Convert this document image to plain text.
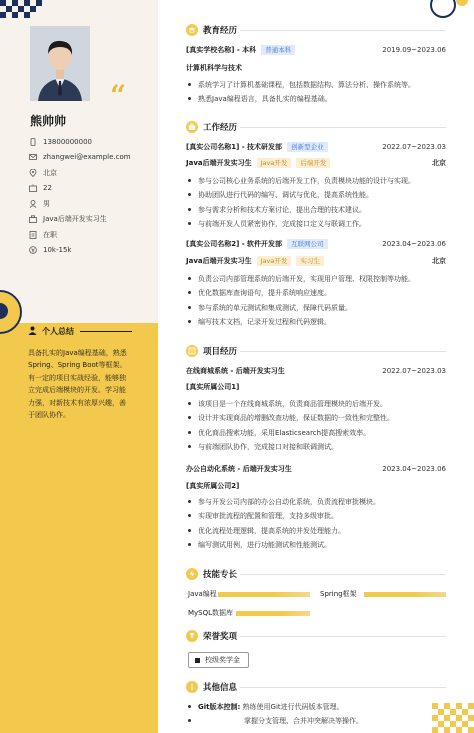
“
熊帅帅
13800000000
zhangwei@example.com
北京
22
男
Java后端开发实习生
在职
10k-15k
个人总结
具备扎实的Java编程基础，熟悉Spring、Spring Boot等框架。有一定的项目实战经验，能够独立完成后端模块的开发。学习能力强，对新技术有浓厚兴趣，善于团队协作。
教育经历
[真实学校名称] - 本科	普通本科	2019.09~2023.06
计算机科学与技术
系统学习了计算机基础课程，包括数据结构、算法分析、操作系统等。
熟悉Java编程语言，具备扎实的编程基础。
工作经历
[真实公司名称1] - 技术研发部	创新型企业	2022.07~2023.03
Java后端开发实习生	Java开发	后端开发	北京
参与公司核心业务系统的后端开发工作，负责模块功能的设计与实现。
协助团队进行代码的编写、调试与优化，提高系统性能。
参与需求分析和技术方案讨论，提出合理的技术建议。
与前端开发人员紧密协作，完成接口定义与联调工作。
[真实公司名称2] - 软件开发部	互联网公司	2023.04~2023.06
Java后端开发实习生	Java开发	实习生	北京
负责公司内部管理系统的后端开发，实现用户管理、权限控制等功能。
优化数据库查询语句，提升系统响应速度。
参与系统的单元测试和集成测试，保障代码质量。
编写技术文档，记录开发过程和代码逻辑。
项目经历
在线商城系统 - 后端开发实习生	2022.07~2023.03
[真实所属公司1]
该项目是一个在线商城系统，负责商品管理模块的后端开发。
设计并实现商品的增删改查功能，保证数据的一致性和完整性。
优化商品搜索功能，采用Elasticsearch提高搜索效率。
与前端团队协作，完成接口对接和联调测试。
办公自动化系统 - 后端开发实习生	2023.04~2023.06
[真实所属公司2]
参与开发公司内部的办公自动化系统，负责流程审批模块。
实现审批流程的配置和管理，支持多级审批。
优化流程处理逻辑，提高系统的并发处理能力。
编写测试用例，进行功能测试和性能测试。
技能专长
Java编程	Spring框架
MySQL数据库
荣誉奖项
校级奖学金
其他信息
Git版本控制: 熟练使用Git进行代码版本管理。
掌握分支管理、合并冲突解决等操作。
